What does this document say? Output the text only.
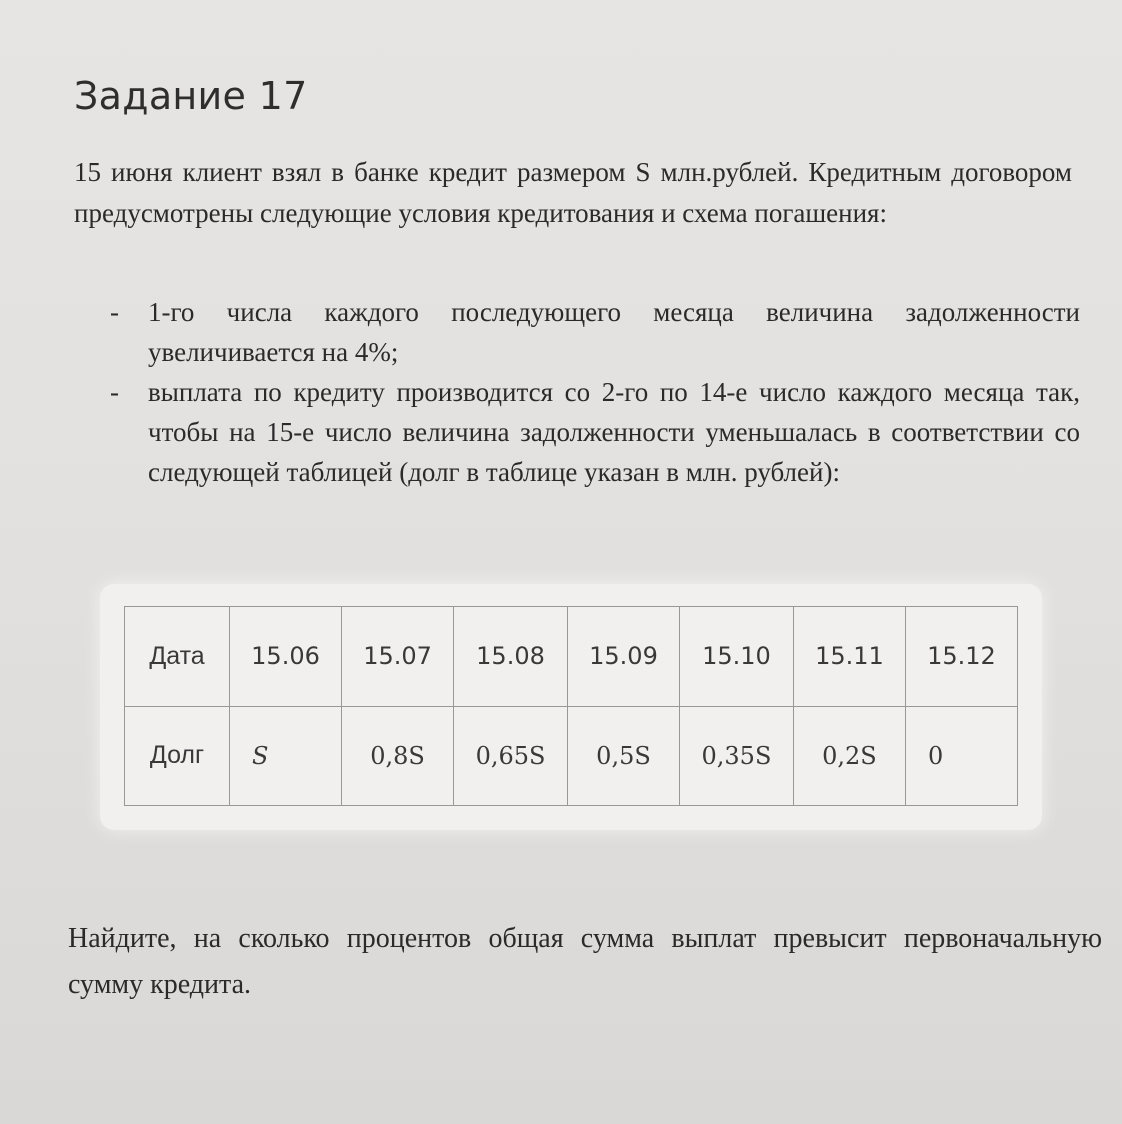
Задание 17

15 июня клиент взял в банке кредит размером S млн.рублей. Кредитным договором предусмотрены следующие условия кредитования и схема погашения:

- 1-го числа каждого последующего месяца величина задолженности увеличивается на 4%;
- выплата по кредиту производится со 2-го по 14-е число каждого месяца так, чтобы на 15-е число величина задолженности уменьшалась в соответствии со следующей таблицей (долг в таблице указан в млн. рублей):
Дата	15.06	15.07	15.08	15.09	15.10	15.11	15.12
Долг	S	0,8S	0,65S	0,5S	0,35S	0,2S	0

Найдите, на сколько процентов общая сумма выплат превысит первоначальную сумму кредита.
